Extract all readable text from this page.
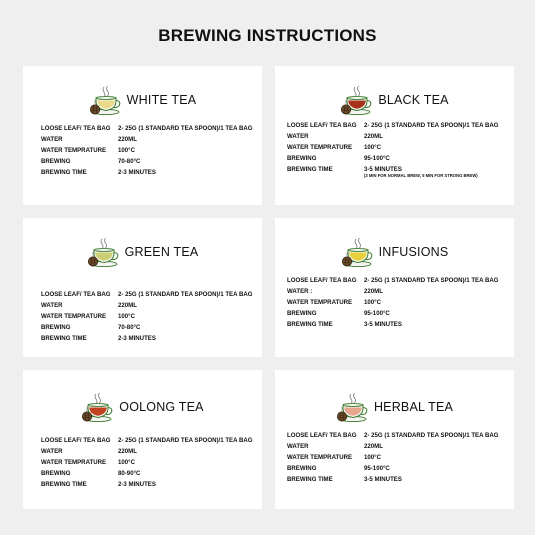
BREWING INSTRUCTIONS
WHITE TEA
LOOSE LEAF/ TEA BAG	2- 25G (1 STANDARD TEA SPOON)/1 TEA BAG
WATER	220ML
WATER TEMPRATURE	100°C
BREWING	70-80°C
BREWING TIME	2-3 MINUTES
BLACK TEA
LOOSE LEAF/ TEA BAG	2- 25G (1 STANDARD TEA SPOON)/1 TEA BAG
WATER	220ML
WATER TEMPRATURE	100°C
BREWING	95-100°C
BREWING TIME	3-5 MINUTES
(3 MIN FOR NORMAL BREW, 5 MIN FOR STRONG BREW)
GREEN TEA
LOOSE LEAF/ TEA BAG	2- 25G (1 STANDARD TEA SPOON)/1 TEA BAG
WATER	220ML
WATER TEMPRATURE	100°C
BREWING	70-80°C
BREWING TIME	2-3 MINUTES
INFUSIONS
LOOSE LEAF/ TEA BAG	2- 25G (1 STANDARD TEA SPOON)/1 TEA BAG
WATER :	220ML
WATER TEMPRATURE	100°C
BREWING	95-100°C
BREWING TIME	3-5 MINUTES
OOLONG TEA
LOOSE LEAF/ TEA BAG	2- 25G (1 STANDARD TEA SPOON)/1 TEA BAG
WATER	220ML
WATER TEMPRATURE	100°C
BREWING	80-90°C
BREWING TIME	2-3 MINUTES
HERBAL TEA
LOOSE LEAF/ TEA BAG	2- 25G (1 STANDARD TEA SPOON)/1 TEA BAG
WATER	220ML
WATER TEMPRATURE	100°C
BREWING	95-100°C
BREWING TIME	3-5 MINUTES
